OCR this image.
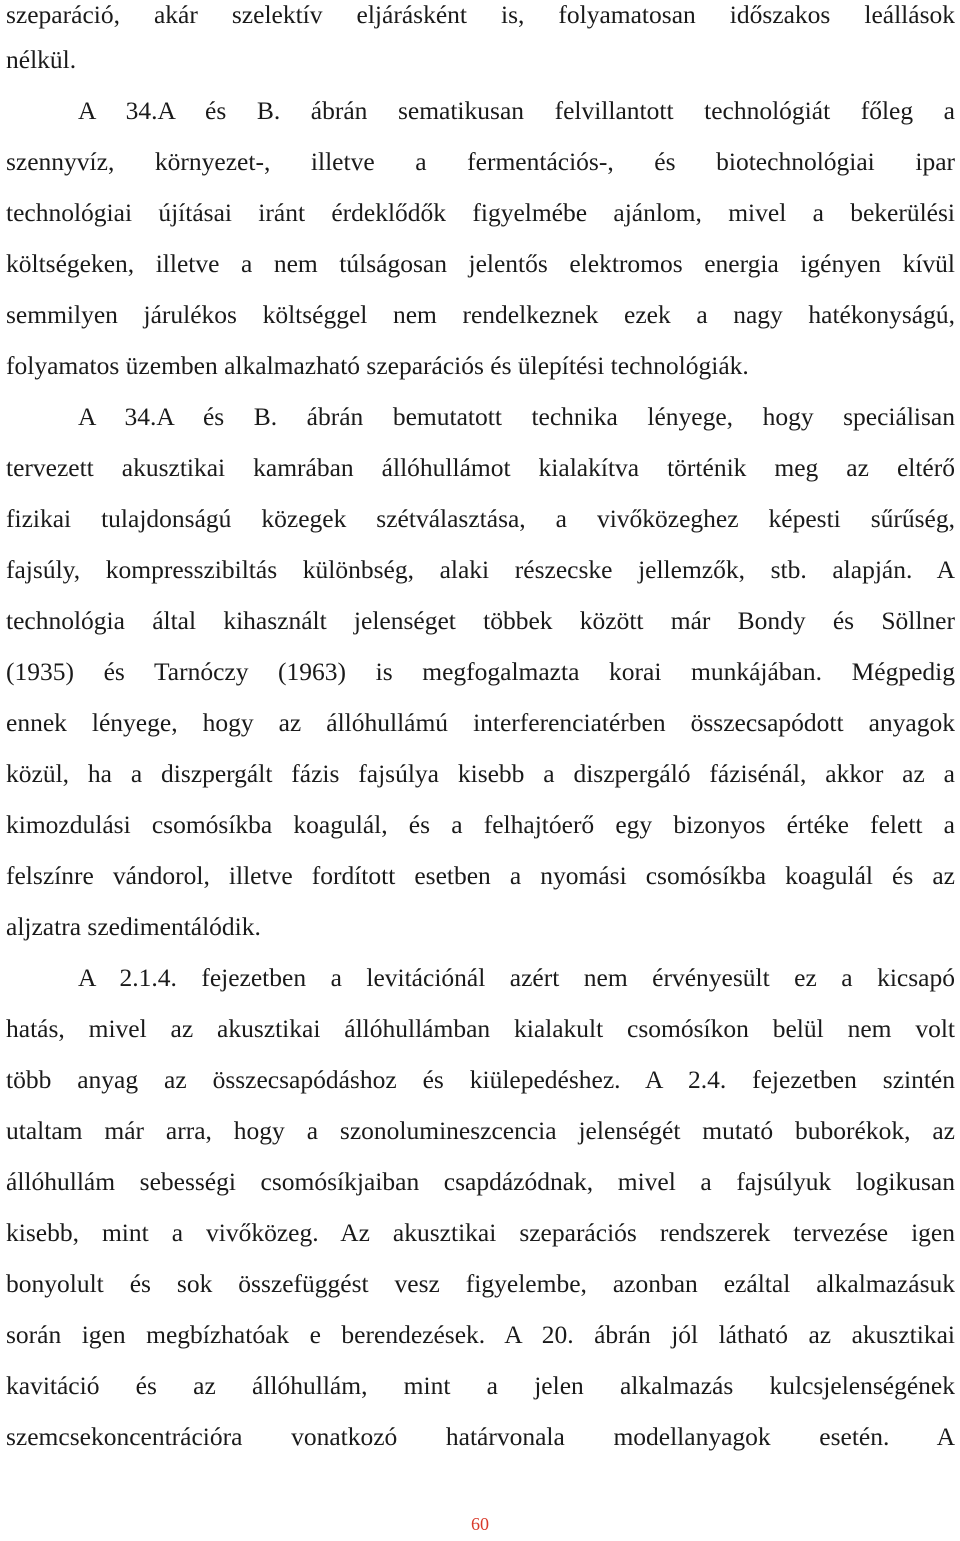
szeparáció, akár szelektív eljárásként is, folyamatosan időszakos leállások
nélkül.
A 34.A és B. ábrán sematikusan felvillantott technológiát főleg a
szennyvíz, környezet-, illetve a fermentációs-, és biotechnológiai ipar
technológiai újításai iránt érdeklődők figyelmébe ajánlom, mivel a bekerülési
költségeken, illetve a nem túlságosan jelentős elektromos energia igényen kívül
semmilyen járulékos költséggel nem rendelkeznek ezek a nagy hatékonyságú,
folyamatos üzemben alkalmazható szeparációs és ülepítési technológiák.
A 34.A és B. ábrán bemutatott technika lényege, hogy speciálisan
tervezett akusztikai kamrában állóhullámot kialakítva történik meg az eltérő
fizikai tulajdonságú közegek szétválasztása, a vivőközeghez képesti sűrűség,
fajsúly, kompresszibiltás különbség, alaki részecske jellemzők, stb. alapján. A
technológia által kihasznált jelenséget többek között már Bondy és Söllner
(1935) és Tarnóczy (1963) is megfogalmazta korai munkájában. Mégpedig
ennek lényege, hogy az állóhullámú interferenciatérben összecsapódott anyagok
közül, ha a diszpergált fázis fajsúlya kisebb a diszpergáló fázisénál, akkor az a
kimozdulási csomósíkba koagulál, és a felhajtóerő egy bizonyos értéke felett a
felszínre vándorol, illetve fordított esetben a nyomási csomósíkba koagulál és az
aljzatra szedimentálódik.
A 2.1.4. fejezetben a levitációnál azért nem érvényesült ez a kicsapó
hatás, mivel az akusztikai állóhullámban kialakult csomósíkon belül nem volt
több anyag az összecsapódáshoz és kiülepedéshez. A 2.4. fejezetben szintén
utaltam már arra, hogy a szonolumineszcencia jelenségét mutató buborékok, az
állóhullám sebességi csomósíkjaiban csapdázódnak, mivel a fajsúlyuk logikusan
kisebb, mint a vivőközeg. Az akusztikai szeparációs rendszerek tervezése igen
bonyolult és sok összefüggést vesz figyelembe, azonban ezáltal alkalmazásuk
során igen megbízhatóak e berendezések. A 20. ábrán jól látható az akusztikai
kavitáció és az állóhullám, mint a jelen alkalmazás kulcsjelenségének
szemcsekoncentrációra vonatkozó határvonala modellanyagok esetén. A
60
